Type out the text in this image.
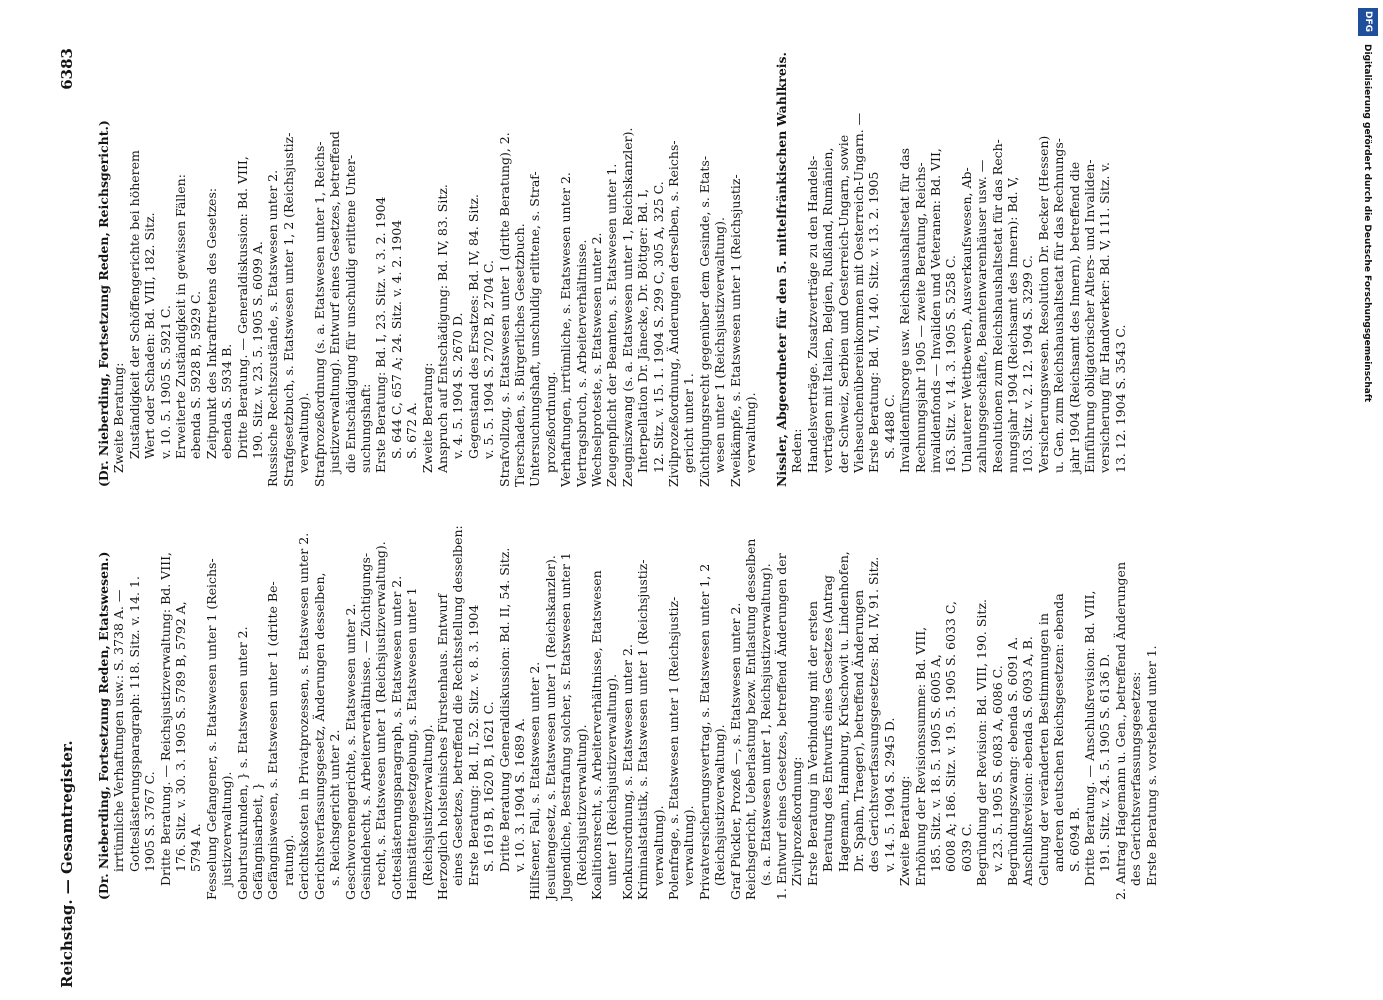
Reichstag. — Gesamtregister.
6383
(Dr. Nieberding, Fortsetzung Reden, Etatswesen.) irrtümliche Verhaftungen usw.: S. 3738 A. — Gotteslästerungsparagraph: 118. Sitz. v. 14. 1. 1905 S. 3767 C. Dritte Beratung. — Reichsjustizverwaltung: Bd. VIII, 176. Sitz. v. 30. 3. 1905 S. 5789 B, 5792 A, 5794 A. Fesselung Gefangener, s. Etatswesen unter 1 (Reichs- justizverwaltung). Geburtsurkunden, } s. Etatswesen unter 2. Gefängnisarbeit, } Gefängniswesen, s. Etatswesen unter 1 (dritte Be- ratung). Gerichtskosten in Privatprozessen, s. Etatswesen unter 2. Gerichtsverfassungsgesetz, Änderungen desselben, s. Reichsgericht unter 2. Geschworenengerichte, s. Etatswesen unter 2. Gesindehecht, s. Arbeiterverhältnisse. — Züchtigungs- recht, s. Etatswesen unter 1 (Reichsjustizverwaltung). Gotteslästerungsparagraph, s. Etatswesen unter 2. Heimstättengesetzgebung, s. Etatswesen unter 1 (Reichsjustizverwaltung). Herzoglich holsteinisches Fürstenhaus. Entwurf eines Gesetzes, betreffend die Rechtsstellung desselben: Erste Beratung: Bd. II, 52. Sitz. v. 8. 3. 1904 S. 1619 B, 1620 B, 1621 C. Dritte Beratung Generaldiskussion: Bd. II, 54. Sitz. v. 10. 3. 1904 S. 1689 A. Hilfsener, Fall, s. Etatswesen unter 2. Jesuitengesetz, s. Etatswesen unter 1 (Reichskanzler). Jugendliche, Bestrafung solcher, s. Etatswesen unter 1 (Reichsjustizverwaltung). Koalitionsrecht, s. Arbeiterverhältnisse, Etatswesen unter 1 (Reichsjustizverwaltung). Konkursordnung, s. Etatswesen unter 2. Kriminalstatistik, s. Etatswesen unter 1 (Reichsjustiz- verwaltung). Polenfrage, s. Etatswesen unter 1 (Reichsjustiz- verwaltung). Privatversicherungsvertrag, s. Etatswesen unter 1, 2 (Reichsjustizverwaltung). Graf Pückler, Prozeß —, s. Etatswesen unter 2. Reichsgericht, Ueberlastung bezw. Entlastung desselben (s. a. Etatswesen unter 1, Reichsjustizverwaltung). 1. Entwurf eines Gesetzes, betreffend Änderungen der Zivilprozeßordnung: Erste Beratung in Verbindung mit der ersten Beratung des Entwurfs eines Gesetzes (Antrag Hagemann, Hamburg, Krüschowit u. Lindenhofen, Dr. Spahn, Traeger), betreffend Änderungen des Gerichtsverfassungsgesetzes: Bd. IV, 91. Sitz. v. 14. 5. 1904 S. 2945 D. Zweite Beratung: Erhöhung der Revisionssumme: Bd. VIII, 185. Sitz. v. 18. 5. 1905 S. 6005 A, 6008 A; 186. Sitz. v. 19. 5. 1905 S. 6033 C, 6039 C. Begründung der Revision: Bd. VIII, 190. Sitz. v. 23. 5. 1905 S. 6083 A, 6086 C. Begründungszwang: ebenda S. 6091 A. Anschlußrevision: ebenda S. 6093 A, B. Geltung der veränderten Bestimmungen in anderen deutschen Reichsgesetzen: ebenda S. 6094 B. Dritte Beratung. — Anschlußrevision: Bd. VIII, 191. Sitz. v. 24. 5. 1905 S. 6136 D. 2. Antrag Hagemann u. Gen., betreffend Änderungen des Gerichtsverfassungsgesetzes: Erste Beratung s. vorstehend unter 1.
(Dr. Nieberding, Fortsetzung Reden, Reichsgericht.) Zweite Beratung: Zuständigkeit der Schöffengerichte bei höherem Wert oder Schaden: Bd. VIII, 182. Sitz. v. 10. 5. 1905 S. 5921 C. Erweiterte Zuständigkeit in gewissen Fällen: ebenda S. 5928 B, 5929 C. Zeitpunkt des Inkrafttretens des Gesetzes: ebenda S. 5934 B. Dritte Beratung. — Generaldiskussion: Bd. VIII, 190. Sitz. v. 23. 5. 1905 S. 6099 A. Russische Rechtszustände, s. Etatswesen unter 2. Strafgesetzbuch, s. Etatswesen unter 1, 2 (Reichsjustiz- verwaltung). Strafprozeßordnung (s. a. Etatswesen unter 1, Reichs- justizverwaltung). Entwurf eines Gesetzes, betreffend die Entschädigung für unschuldig erlittene Unter- suchungshaft: Erste Beratung: Bd. I, 23. Sitz. v. 3. 2. 1904 S. 644 C, 657 A; 24. Sitz. v. 4. 2. 1904 S. 672 A. Zweite Beratung: Anspruch auf Entschädigung: Bd. IV, 83. Sitz. v. 4. 5. 1904 S. 2670 D. Gegenstand des Ersatzes: Bd. IV, 84. Sitz. v. 5. 5. 1904 S. 2702 B, 2704 C. Strafvollzug, s. Etatswesen unter 1 (dritte Beratung), 2. Tierschaden, s. Bürgerliches Gesetzbuch. Untersuchungshaft, unschuldig erlittene, s. Straf- prozeßordnung. Verhaftungen, irrtümliche, s. Etatswesen unter 2. Vertragsbruch, s. Arbeiterverhältnisse. Wechselproteste, s. Etatswesen unter 2. Zeugenpflicht der Beamten, s. Etatswesen unter 1. Zeugniszwang (s. a. Etatswesen unter 1, Reichskanzler). Interpellation Dr. Jänecke, Dr. Böttger: Bd. I, 12. Sitz. v. 15. 1. 1904 S. 299 C, 305 A, 325 C. Zivilprozeßordnung, Änderungen derselben, s. Reichs- gericht unter 1. Züchtigungsrecht gegenüber dem Gesinde, s. Etats- wesen unter 1 (Reichsjustizverwaltung). Zweikämpfe, s. Etatswesen unter 1 (Reichsjustiz- verwaltung).
Nissler, Abgeordneter für den 5. mittelfränkischen Wahlkreis. Reden: Handelsverträge. Zusatzverträge zu den Handels- verträgen mit Italien, Belgien, Rußland, Rumänien, der Schweiz, Serbien und Oesterreich-Ungarn, sowie Viehseuchenübereinkommen mit Oesterreich-Ungarn. — Erste Beratung: Bd. VI, 140. Sitz. v. 13. 2. 1905 S. 4488 C. Invalidenfürsorge usw. Reichshaushaltsetat für das Rechnungsjahr 1905 — zweite Beratung, Reichs- invalidenfonds — Invaliden und Veteranen: Bd. VII, 163. Sitz. v. 14. 3. 1905 S. 5258 C. Unlauterer Wettbewerb, Ausverkaufswesen, Ab- zahlungsgeschäfte, Beamtenwarenhäuser usw. — Resolutionen zum Reichshaushaltsetat für das Rech- nungsjahr 1904 (Reichsamt des Innern): Bd. V, 103. Sitz. v. 2. 12. 1904 S. 3299 C. Versicherungswesen. Resolution Dr. Becker (Hessen) u. Gen. zum Reichshaushaltsetat für das Rechnungs- jahr 1904 (Reichsamt des Innern), betreffend die Einführung obligatorischer Alters- und Invaliden- versicherung für Handwerker: Bd. V, 111. Sitz. v. 13. 12. 1904 S. 3543 C.
DFG
Digitalisierung gefördert durch die Deutsche Forschungsgemeinschaft
